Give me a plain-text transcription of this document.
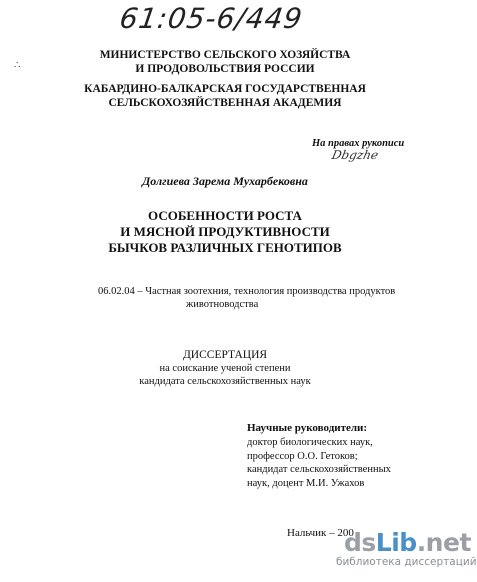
61:05-6/449
∴
МИНИСТЕРСТВО СЕЛЬСКОГО ХОЗЯЙСТВА
И ПРОДОВОЛЬСТВИЯ РОССИИ
КАБАРДИНО-БАЛКАРСКАЯ ГОСУДАРСТВЕННАЯ
СЕЛЬСКОХОЗЯЙСТВЕННАЯ АКАДЕМИЯ
На правах рукописи
Dbgzhe
Долгиева Зарема Мухарбековна
ОСОБЕННОСТИ РОСТА
И МЯСНОЙ ПРОДУКТИВНОСТИ
БЫЧКОВ РАЗЛИЧНЫХ ГЕНОТИПОВ
06.02.04 – Частная зоотехния, технология производства продуктов
животноводства
ДИССЕРТАЦИЯ
на соискание ученой степени
кандидата сельскохозяйственных наук
Научные руководители:
доктор биологических наук,
профессор О.О. Гетоков;
кандидат сельскохозяйственных
наук, доцент М.И. Ужахов
Нальчик – 200
dsLib.net
библиотека диссертаций
